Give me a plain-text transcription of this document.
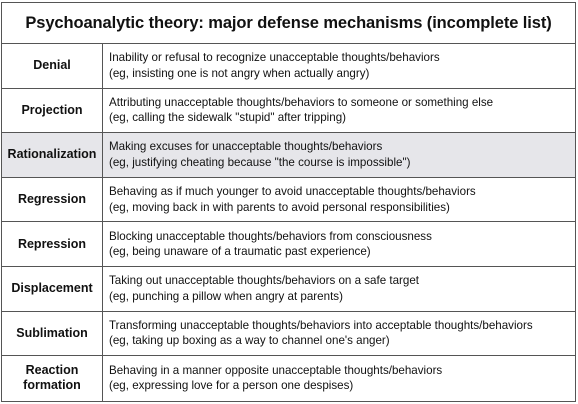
Psychoanalytic theory: major defense mechanisms (incomplete list)
Denial
Inability or refusal to recognize unacceptable thoughts/behaviors
(eg, insisting one is not angry when actually angry)
Projection
Attributing unacceptable thoughts/behaviors to someone or something else
(eg, calling the sidewalk "stupid" after tripping)
Rationalization
Making excuses for unacceptable thoughts/behaviors
(eg, justifying cheating because "the course is impossible")
Regression
Behaving as if much younger to avoid unacceptable thoughts/behaviors
(eg, moving back in with parents to avoid personal responsibilities)
Repression
Blocking unacceptable thoughts/behaviors from consciousness
(eg, being unaware of a traumatic past experience)
Displacement
Taking out unacceptable thoughts/behaviors on a safe target
(eg, punching a pillow when angry at parents)
Sublimation
Transforming unacceptable thoughts/behaviors into acceptable thoughts/behaviors
(eg, taking up boxing as a way to channel one's anger)
Reaction
formation
Behaving in a manner opposite unacceptable thoughts/behaviors
(eg, expressing love for a person one despises)
